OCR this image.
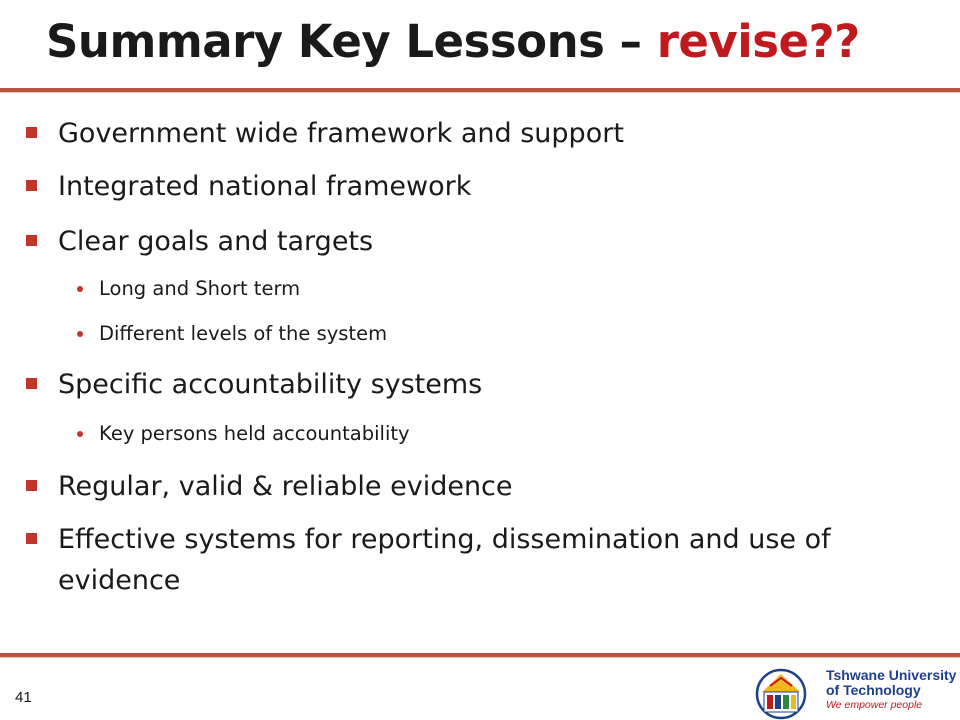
Summary Key Lessons – revise??
Government wide framework and support
Integrated national framework
Clear goals and targets
Long and Short term
Different levels of the system
Specific accountability systems
Key persons held accountability
Regular, valid & reliable evidence
Effective systems for reporting, dissemination and use of evidence
41
Tshwane University
of Technology
We empower people
